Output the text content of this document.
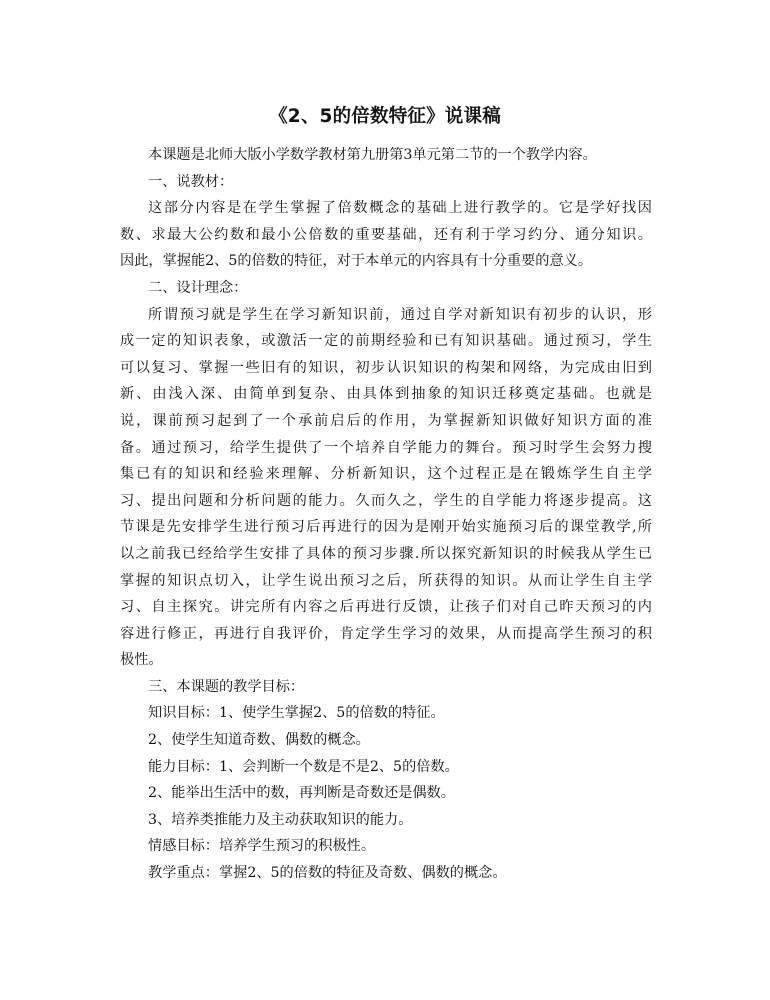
《2、5的倍数特征》说课稿
本课题是北师大版小学数学教材第九册第3单元第二节的一个教学内容。
一、说教材：
这部分内容是在学生掌握了倍数概念的基础上进行教学的。它是学好找因
数、求最大公约数和最小公倍数的重要基础，还有利于学习约分、通分知识。
因此，掌握能2、5的倍数的特征，对于本单元的内容具有十分重要的意义。
二、设计理念：
所谓预习就是学生在学习新知识前，通过自学对新知识有初步的认识，形
成一定的知识表象，或激活一定的前期经验和已有知识基础。通过预习，学生
可以复习、掌握一些旧有的知识，初步认识知识的构架和网络，为完成由旧到
新、由浅入深、由简单到复杂、由具体到抽象的知识迁移奠定基础。也就是
说，课前预习起到了一个承前启后的作用，为掌握新知识做好知识方面的准
备。通过预习，给学生提供了一个培养自学能力的舞台。预习时学生会努力搜
集已有的知识和经验来理解、分析新知识，这个过程正是在锻炼学生自主学
习、提出问题和分析问题的能力。久而久之，学生的自学能力将逐步提高。这
节课是先安排学生进行预习后再进行的因为是刚开始实施预习后的课堂教学,所
以之前我已经给学生安排了具体的预习步骤.所以探究新知识的时候我从学生已
掌握的知识点切入，让学生说出预习之后，所获得的知识。从而让学生自主学
习、自主探究。讲完所有内容之后再进行反馈，让孩子们对自己昨天预习的内
容进行修正，再进行自我评价，肯定学生学习的效果，从而提高学生预习的积
极性。
三、本课题的教学目标：
知识目标：1、使学生掌握2、5的倍数的特征。
2、使学生知道奇数、偶数的概念。
能力目标：1、会判断一个数是不是2、5的倍数。
2、能举出生活中的数，再判断是奇数还是偶数。
3、培养类推能力及主动获取知识的能力。
情感目标：培养学生预习的积极性。
教学重点：掌握2、5的倍数的特征及奇数、偶数的概念。
